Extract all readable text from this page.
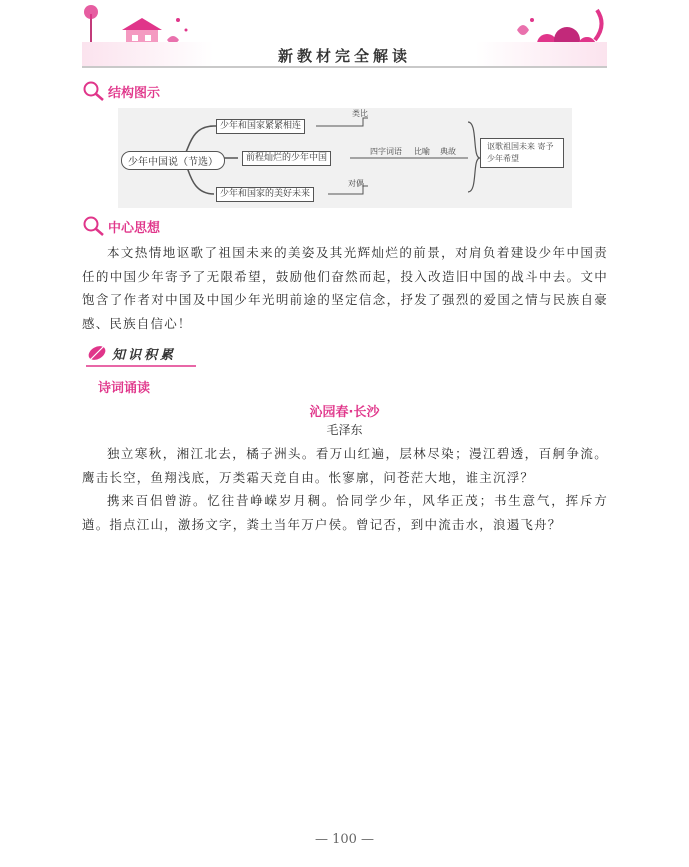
新教材完全解读
结构图示
少年中国说（节选）
少年和国家紧紧相连
类比
前程灿烂的少年中国
四字词语 比喻 典故
少年和国家的美好未来
对偶
讴歌祖国未来 寄予少年希望
中心思想

本文热情地讴歌了祖国未来的美姿及其光辉灿烂的前景，对肩负着建设少年中国责任的中国少年寄予了无限希望，鼓励他们奋然而起，投入改造旧中国的战斗中去。文中饱含了作者对中国及中国少年光明前途的坚定信念，抒发了强烈的爱国之情与民族自豪感、民族自信心！

知识积累
诗词诵读
沁园春·长沙
毛泽东

独立寒秋，湘江北去，橘子洲头。看万山红遍，层林尽染；漫江碧透，百舸争流。鹰击长空，鱼翔浅底，万类霜天竞自由。怅寥廓，问苍茫大地，谁主沉浮？

携来百侣曾游。忆往昔峥嵘岁月稠。恰同学少年，风华正茂；书生意气，挥斥方遒。指点江山，激扬文字，粪土当年万户侯。曾记否，到中流击水，浪遏飞舟？

— 100 —
